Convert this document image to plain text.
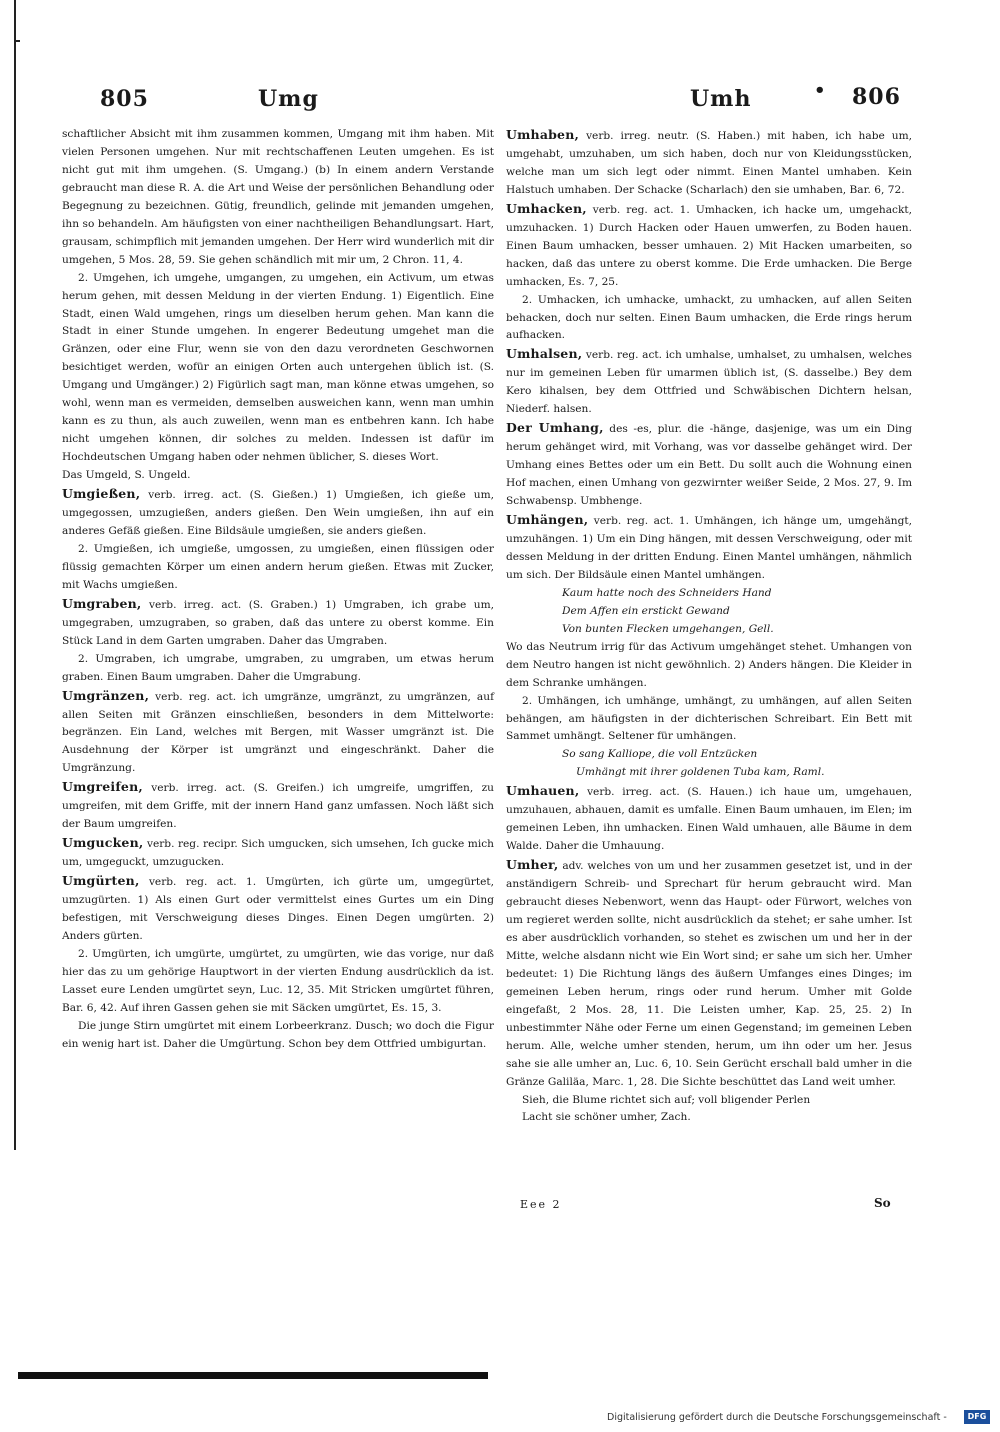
805	Umg	Umh	• 806

schaftlicher Absicht mit ihm zusammen kommen, Umgang mit ihm haben. Mit vielen Personen umgehen. Nur mit rechtschaffenen Leuten umgehen. Es ist nicht gut mit ihm umgehen. (S. Umgang.) (b) In einem andern Verstande gebraucht man diese R. A. die Art und Weise der persönlichen Behandlung oder Begegnung zu bezeichnen. Gütig, freundlich, gelinde mit jemanden umgehen, ihn so behandeln. Am häufigsten von einer nachtheiligen Behandlungsart. Hart, grausam, schimpflich mit jemanden umgehen. Der Herr wird wunderlich mit dir umgehen, 5 Mos. 28, 59. Sie gehen schändlich mit mir um, 2 Chron. 11, 4.

2. Umgehen, ich umgehe, umgangen, zu umgehen, ein Activum, um etwas herum gehen, mit dessen Meldung in der vierten Endung. 1) Eigentlich. Eine Stadt, einen Wald umgehen, rings um dieselben herum gehen. Man kann die Stadt in einer Stunde umgehen. In engerer Bedeutung umgehet man die Gränzen, oder eine Flur, wenn sie von den dazu verordneten Geschwornen besichtiget werden, wofür an einigen Orten auch untergehen üblich ist. (S. Umgang und Umgänger.) 2) Figürlich sagt man, man könne etwas umgehen, so wohl, wenn man es vermeiden, demselben ausweichen kann, wenn man umhin kann es zu thun, als auch zuweilen, wenn man es entbehren kann. Ich habe nicht umgehen können, dir solches zu melden. Indessen ist dafür im Hochdeutschen Umgang haben oder nehmen üblicher, S. dieses Wort.

Das Umgeld, S. Ungeld.

Umgießen, verb. irreg. act. (S. Gießen.) 1) Umgießen, ich gieße um, umgegossen, umzugießen, anders gießen. Den Wein umgießen, ihn auf ein anderes Gefäß gießen. Eine Bildsäule umgießen, sie anders gießen.

2. Umgießen, ich umgieße, umgossen, zu umgießen, einen flüssigen oder flüssig gemachten Körper um einen andern herum gießen. Etwas mit Zucker, mit Wachs umgießen.

Umgraben, verb. irreg. act. (S. Graben.) 1) Umgraben, ich grabe um, umgegraben, umzugraben, so graben, daß das untere zu oberst komme. Ein Stück Land in dem Garten umgraben. Daher das Umgraben.

2. Umgraben, ich umgrabe, umgraben, zu umgraben, um etwas herum graben. Einen Baum umgraben. Daher die Umgrabung.

Umgränzen, verb. reg. act. ich umgränze, umgränzt, zu umgränzen, auf allen Seiten mit Gränzen einschließen, besonders in dem Mittelworte: begränzen. Ein Land, welches mit Bergen, mit Wasser umgränzt ist. Die Ausdehnung der Körper ist umgränzt und eingeschränkt. Daher die Umgränzung.

Umgreifen, verb. irreg. act. (S. Greifen.) ich umgreife, umgriffen, zu umgreifen, mit dem Griffe, mit der innern Hand ganz umfassen. Noch läßt sich der Baum umgreifen.

Umgucken, verb. reg. recipr. Sich umgucken, sich umsehen, Ich gucke mich um, umgeguckt, umzugucken.

Umgürten, verb. reg. act. 1. Umgürten, ich gürte um, umgegürtet, umzugürten. 1) Als einen Gurt oder vermittelst eines Gurtes um ein Ding befestigen, mit Verschweigung dieses Dinges. Einen Degen umgürten. 2) Anders gürten.

2. Umgürten, ich umgürte, umgürtet, zu umgürten, wie das vorige, nur daß hier das zu um gehörige Hauptwort in der vierten Endung ausdrücklich da ist. Lasset eure Lenden umgürtet seyn, Luc. 12, 35. Mit Stricken umgürtet führen, Bar. 6, 42. Auf ihren Gassen gehen sie mit Säcken umgürtet, Es. 15, 3.

Die junge Stirn umgürtet mit einem Lorbeerkranz. Dusch; wo doch die Figur ein wenig hart ist. Daher die Umgürtung. Schon bey dem Ottfried umbigurtan.

Umhaben, verb. irreg. neutr. (S. Haben.) mit haben, ich habe um, umgehabt, umzuhaben, um sich haben, doch nur von Kleidungsstücken, welche man um sich legt oder nimmt. Einen Mantel umhaben. Kein Halstuch umhaben. Der Schacke (Scharlach) den sie umhaben, Bar. 6, 72.

Umhacken, verb. reg. act. 1. Umhacken, ich hacke um, umgehackt, umzuhacken. 1) Durch Hacken oder Hauen umwerfen, zu Boden hauen. Einen Baum umhacken, besser umhauen. 2) Mit Hacken umarbeiten, so hacken, daß das untere zu oberst komme. Die Erde umhacken. Die Berge umhacken, Es. 7, 25.

2. Umhacken, ich umhacke, umhackt, zu umhacken, auf allen Seiten behacken, doch nur selten. Einen Baum umhacken, die Erde rings herum aufhacken.

Umhalsen, verb. reg. act. ich umhalse, umhalset, zu umhalsen, welches nur im gemeinen Leben für umarmen üblich ist, (S. dasselbe.) Bey dem Kero kihalsen, bey dem Ottfried und Schwäbischen Dichtern helsan, Niederf. halsen.

Der Umhang, des -es, plur. die -hänge, dasjenige, was um ein Ding herum gehänget wird, mit Vorhang, was vor dasselbe gehänget wird. Der Umhang eines Bettes oder um ein Bett. Du sollt auch die Wohnung einen Hof machen, einen Umhang von gezwirnter weißer Seide, 2 Mos. 27, 9. Im Schwabensp. Umbhenge.

Umhängen, verb. reg. act. 1. Umhängen, ich hänge um, umgehängt, umzuhängen. 1) Um ein Ding hängen, mit dessen Verschweigung, oder mit dessen Meldung in der dritten Endung. Einen Mantel umhängen, nähmlich um sich. Der Bildsäule einen Mantel umhängen.

Kaum hatte noch des Schneiders Hand

Dem Affen ein erstickt Gewand

Von bunten Flecken umgehangen, Gell.

Wo das Neutrum irrig für das Activum umgehänget stehet. Umhangen von dem Neutro hangen ist nicht gewöhnlich. 2) Anders hängen. Die Kleider in dem Schranke umhängen.

2. Umhängen, ich umhänge, umhängt, zu umhängen, auf allen Seiten behängen, am häufigsten in der dichterischen Schreibart. Ein Bett mit Sammet umhängt. Seltener für umhängen.

So sang Kalliope, die voll Entzücken

Umhängt mit ihrer goldenen Tuba kam, Raml.

Umhauen, verb. irreg. act. (S. Hauen.) ich haue um, umgehauen, umzuhauen, abhauen, damit es umfalle. Einen Baum umhauen, im Elen; im gemeinen Leben, ihn umhacken. Einen Wald umhauen, alle Bäume in dem Walde. Daher die Umhauung.

Umher, adv. welches von um und her zusammen gesetzet ist, und in der anständigern Schreib- und Sprechart für herum gebraucht wird. Man gebraucht dieses Nebenwort, wenn das Haupt- oder Fürwort, welches von um regieret werden sollte, nicht ausdrücklich da stehet; er sahe umher. Ist es aber ausdrücklich vorhanden, so stehet es zwischen um und her in der Mitte, welche alsdann nicht wie Ein Wort sind; er sahe um sich her. Umher bedeutet: 1) Die Richtung längs des äußern Umfanges eines Dinges; im gemeinen Leben herum, rings oder rund herum. Umher mit Golde eingefaßt, 2 Mos. 28, 11. Die Leisten umher, Kap. 25, 25. 2) In unbestimmter Nähe oder Ferne um einen Gegenstand; im gemeinen Leben herum. Alle, welche umher stenden, herum, um ihn oder um her. Jesus sahe sie alle umher an, Luc. 6, 10. Sein Gerücht erschall bald umher in die Gränze Galiläa, Marc. 1, 28. Die Sichte beschüttet das Land weit umher.

Sieh, die Blume richtet sich auf; voll bligender Perlen

Lacht sie schöner umher, Zach.

Eee 2	So
Digitalisierung gefördert durch die Deutsche Forschungsgemeinschaft -	DFG
